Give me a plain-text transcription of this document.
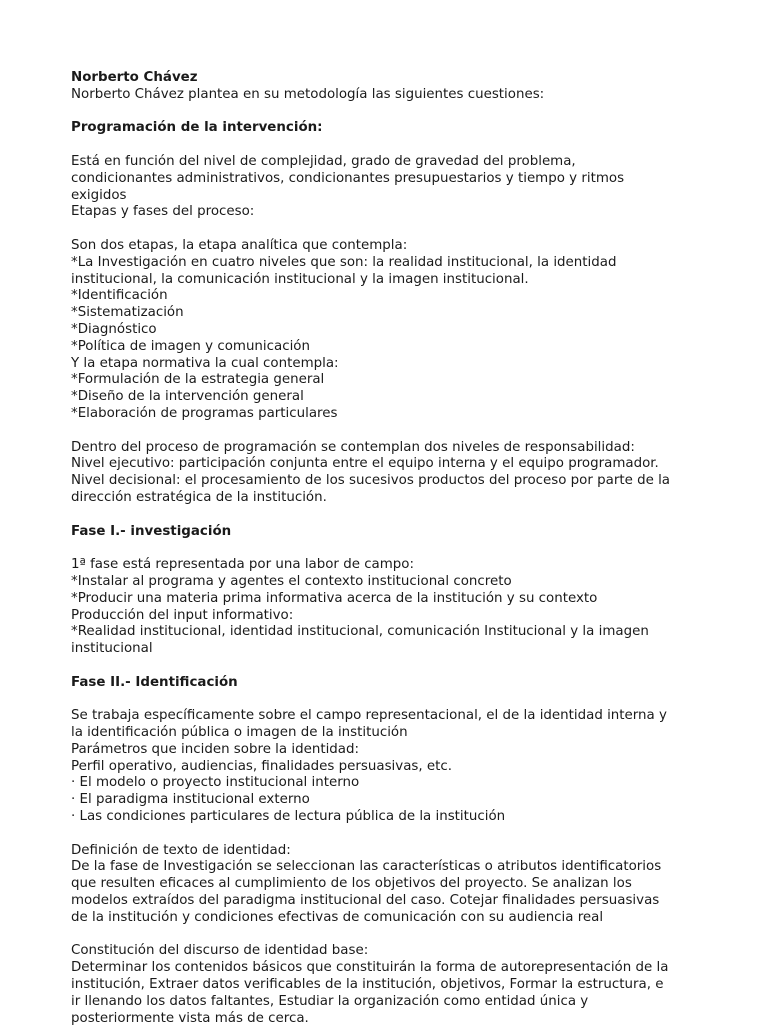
Norberto Chávez
Norberto Chávez plantea en su metodología las siguientes cuestiones:
Programación de la intervención:
Está en función del nivel de complejidad, grado de gravedad del problema,
condicionantes administrativos, condicionantes presupuestarios y tiempo y ritmos
exigidos
Etapas y fases del proceso:
Son dos etapas, la etapa analítica que contempla:
*La Investigación en cuatro niveles que son: la realidad institucional, la identidad
institucional, la comunicación institucional y la imagen institucional.
*Identificación
*Sistematización
*Diagnóstico
*Política de imagen y comunicación
Y la etapa normativa la cual contempla:
*Formulación de la estrategia general
*Diseño de la intervención general
*Elaboración de programas particulares
Dentro del proceso de programación se contemplan dos niveles de responsabilidad:
Nivel ejecutivo: participación conjunta entre el equipo interna y el equipo programador.
Nivel decisional: el procesamiento de los sucesivos productos del proceso por parte de la
dirección estratégica de la institución.
Fase I.- investigación
1ª fase está representada por una labor de campo:
*Instalar al programa y agentes el contexto institucional concreto
*Producir una materia prima informativa acerca de la institución y su contexto
Producción del input informativo:
*Realidad institucional, identidad institucional, comunicación Institucional y la imagen
institucional
Fase II.- Identificación
Se trabaja específicamente sobre el campo representacional, el de la identidad interna y
la identificación pública o imagen de la institución
Parámetros que inciden sobre la identidad:
Perfil operativo, audiencias, finalidades persuasivas, etc.
· El modelo o proyecto institucional interno
· El paradigma institucional externo
· Las condiciones particulares de lectura pública de la institución
Definición de texto de identidad:
De la fase de Investigación se seleccionan las características o atributos identificatorios
que resulten eficaces al cumplimiento de los objetivos del proyecto. Se analizan los
modelos extraídos del paradigma institucional del caso. Cotejar finalidades persuasivas
de la institución y condiciones efectivas de comunicación con su audiencia real
Constitución del discurso de identidad base:
Determinar los contenidos básicos que constituirán la forma de autorepresentación de la
institución, Extraer datos verificables de la institución, objetivos, Formar la estructura, e
ir llenando los datos faltantes, Estudiar la organización como entidad única y
posteriormente vista más de cerca.
